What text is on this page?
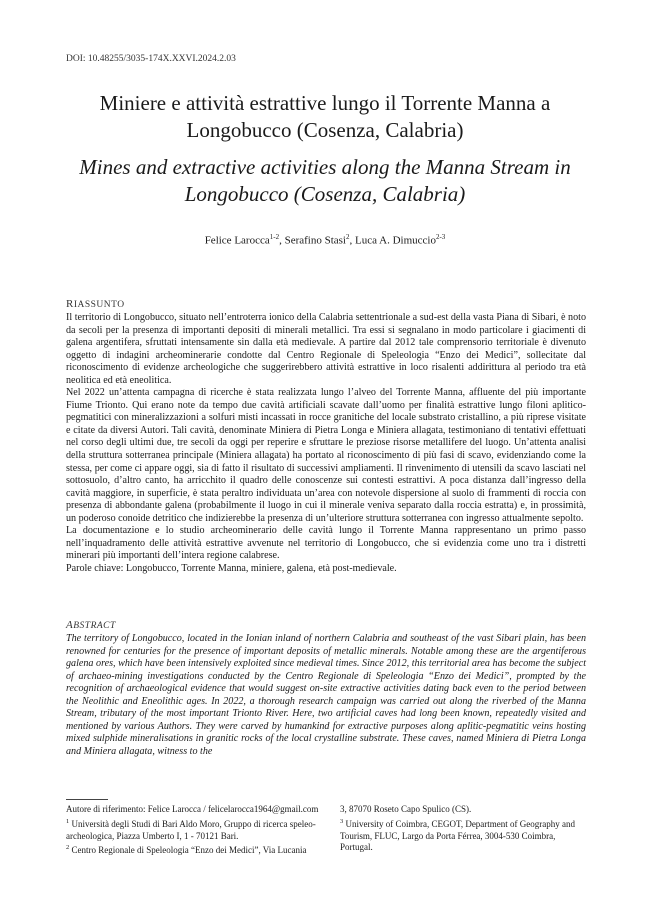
DOI: 10.48255/3035-174X.XXVI.2024.2.03
Miniere e attività estrattive lungo il Torrente Manna a Longobucco (Cosenza, Calabria)
Mines and extractive activities along the Manna Stream in Longobucco (Cosenza, Calabria)
Felice Larocca$^{1-2}$, Serafino Stasi$^2$, Luca A. Dimuccio$^{2-3}$
RIASSUNTO

Il territorio di Longobucco, situato nell’entroterra ionico della Calabria settentrionale a sud-est della vasta Piana di Sibari, è noto da secoli per la presenza di importanti depositi di minerali metallici. Tra essi si segnalano in modo particolare i giacimenti di galena argentifera, sfruttati intensamente sin dalla età medievale. A partire dal 2012 tale comprensorio territoriale è divenuto oggetto di indagini archeominerarie condotte dal Centro Regionale di Speleologia “Enzo dei Medici”, sollecitate dal riconoscimento di evidenze archeologiche che suggerirebbero attività estrattive in loco risalenti addirittura al periodo tra età neolitica ed età eneolitica.

Nel 2022 un’attenta campagna di ricerche è stata realizzata lungo l’alveo del Torrente Manna, affluente del più importante Fiume Trionto. Qui erano note da tempo due cavità artificiali scavate dall’uomo per finalità estrattive lungo filoni aplitico-pegmatitici con mineralizzazioni a solfuri misti incassati in rocce granitiche del locale substrato cristallino, a più riprese visitate e citate da diversi Autori. Tali cavità, denominate Miniera di Pietra Longa e Miniera allagata, testimoniano di tentativi effettuati nel corso degli ultimi due, tre secoli da oggi per reperire e sfruttare le preziose risorse metallifere del luogo. Un’attenta analisi della struttura sotterranea principale (Miniera allagata) ha portato al riconoscimento di più fasi di scavo, evidenziando come la stessa, per come ci appare oggi, sia di fatto il risultato di successivi ampliamenti. Il rinvenimento di utensili da scavo lasciati nel sottosuolo, d’altro canto, ha arricchito il quadro delle conoscenze sui contesti estrattivi. A poca distanza dall’ingresso della cavità maggiore, in superficie, è stata peraltro individuata un’area con notevole dispersione al suolo di frammenti di roccia con presenza di abbondante galena (probabilmente il luogo in cui il minerale veniva separato dalla roccia estratta) e, in prossimità, un poderoso conoide detritico che indizierebbe la presenza di un’ulteriore struttura sotterranea con ingresso attualmente sepolto.

La documentazione e lo studio archeominerario delle cavità lungo il Torrente Manna rappresentano un primo passo nell’inquadramento delle attività estrattive avvenute nel territorio di Longobucco, che si evidenzia come uno tra i distretti minerari più importanti dell’intera regione calabrese.

Parole chiave: Longobucco, Torrente Manna, miniere, galena, età post-medievale.

ABSTRACT

The territory of Longobucco, located in the Ionian inland of northern Calabria and southeast of the vast Sibari plain, has been renowned for centuries for the presence of important deposits of metallic minerals. Notable among these are the argentiferous galena ores, which have been intensively exploited since medieval times. Since 2012, this territorial area has become the subject of archaeo-mining investigations conducted by the Centro Regionale di Speleologia “Enzo dei Medici”, prompted by the recognition of archaeological evidence that would suggest on-site extractive activities dating back even to the period between the Neolithic and Eneolithic ages. In 2022, a thorough research campaign was carried out along the riverbed of the Manna Stream, tributary of the most important Trionto River. Here, two artificial caves had long been known, repeatedly visited and mentioned by various Authors. They were carved by humankind for extractive purposes along aplitic-pegmatitic veins hosting mixed sulphide mineralisations in granitic rocks of the local crystalline substrate. These caves, named Miniera di Pietra Longa and Miniera allagata, witness to the

Autore di riferimento: Felice Larocca / felicelarocca1964@gmail.com

$^1$ Università degli Studi di Bari Aldo Moro, Gruppo di ricerca speleo-archeologica, Piazza Umberto I, 1 - 70121 Bari.

$^2$ Centro Regionale di Speleologia “Enzo dei Medici”, Via Lucania

3, 87070 Roseto Capo Spulico (CS).

$^3$ University of Coimbra, CEGOT, Department of Geography and Tourism, FLUC, Largo da Porta Férrea, 3004-530 Coimbra, Portugal.
